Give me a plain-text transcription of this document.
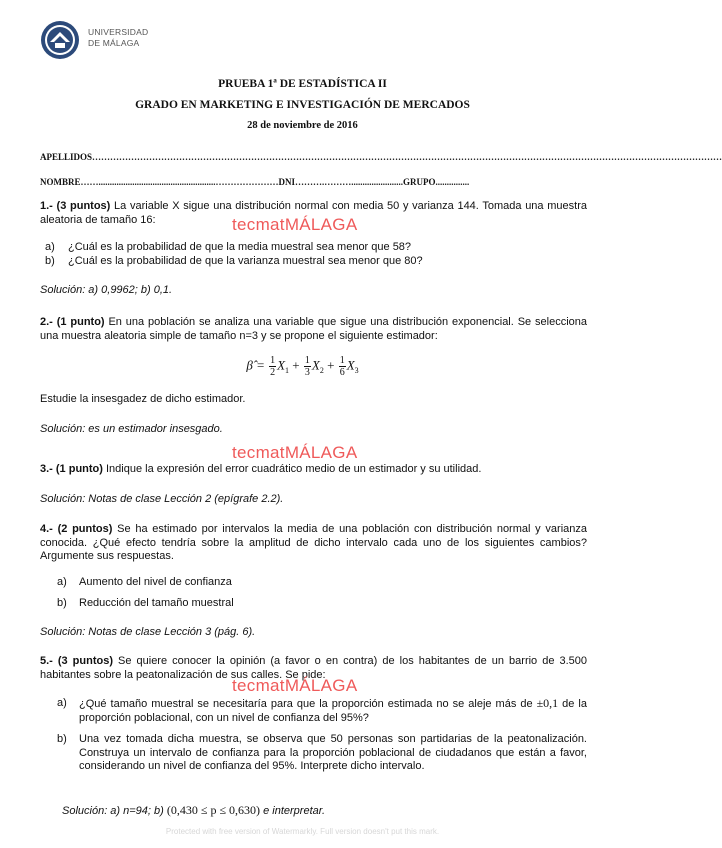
UNIVERSIDAD
DE MÁLAGA
PRUEBA 1ª DE ESTADÍSTICA II
GRADO EN MARKETING E INVESTIGACIÓN DE MERCADOS
28 de noviembre de 2016
APELLIDOS…………………………………………………………………………………………………………………………………………………………………………………………
NOMBRE……....................................................…………………DNI……….……….......................GRUPO...............
1.- (3 puntos) La variable X sigue una distribución normal con media 50 y varianza 144. Tomada una muestra aleatoria de tamaño 16:	tecmatMÁLAGA
a) ¿Cuál es la probabilidad de que la media muestral sea menor que 58?
b) ¿Cuál es la probabilidad de que la varianza muestral sea menor que 80?
Solución: a) 0,9962; b) 0,1.
2.- (1 punto) En una población se analiza una variable que sigue una distribución exponencial. Se selecciona una muestra aleatoria simple de tamaño n=3 y se propone el siguiente estimador:
β̂ = $\frac{1}{2} X_1 + \frac{1}{3} X_2 + \frac{1}{6} X_3$
Estudie la insesgadez de dicho estimador.
Solución: es un estimador insesgado.
tecmatMÁLAGA
3.- (1 punto) Indique la expresión del error cuadrático medio de un estimador y su utilidad.
Solución: Notas de clase Lección 2 (epígrafe 2.2).
4.- (2 puntos) Se ha estimado por intervalos la media de una población con distribución normal y varianza conocida. ¿Qué efecto tendría sobre la amplitud de dicho intervalo cada uno de los siguientes cambios? Argumente sus respuestas.
a) Aumento del nivel de confianza
b) Reducción del tamaño muestral
Solución: Notas de clase Lección 3 (pág. 6).
5.- (3 puntos) Se quiere conocer la opinión (a favor o en contra) de los habitantes de un barrio de 3.500 habitantes sobre la peatonalización de sus calles. Se pide:
tecmatMÁLAGA
a) ¿Qué tamaño muestral se necesitaría para que la proporción estimada no se aleje más de ±0,1 de la proporción poblacional, con un nivel de confianza del 95%?
b) Una vez tomada dicha muestra, se observa que 50 personas son partidarias de la peatonalización. Construya un intervalo de confianza para la proporción poblacional de ciudadanos que están a favor, considerando un nivel de confianza del 95%. Interprete dicho intervalo.
Solución: a) n=94; b) (0,430 ≤ p ≤ 0,630) e interpretar.
Protected with free version of Watermarkly. Full version doesn't put this mark.
